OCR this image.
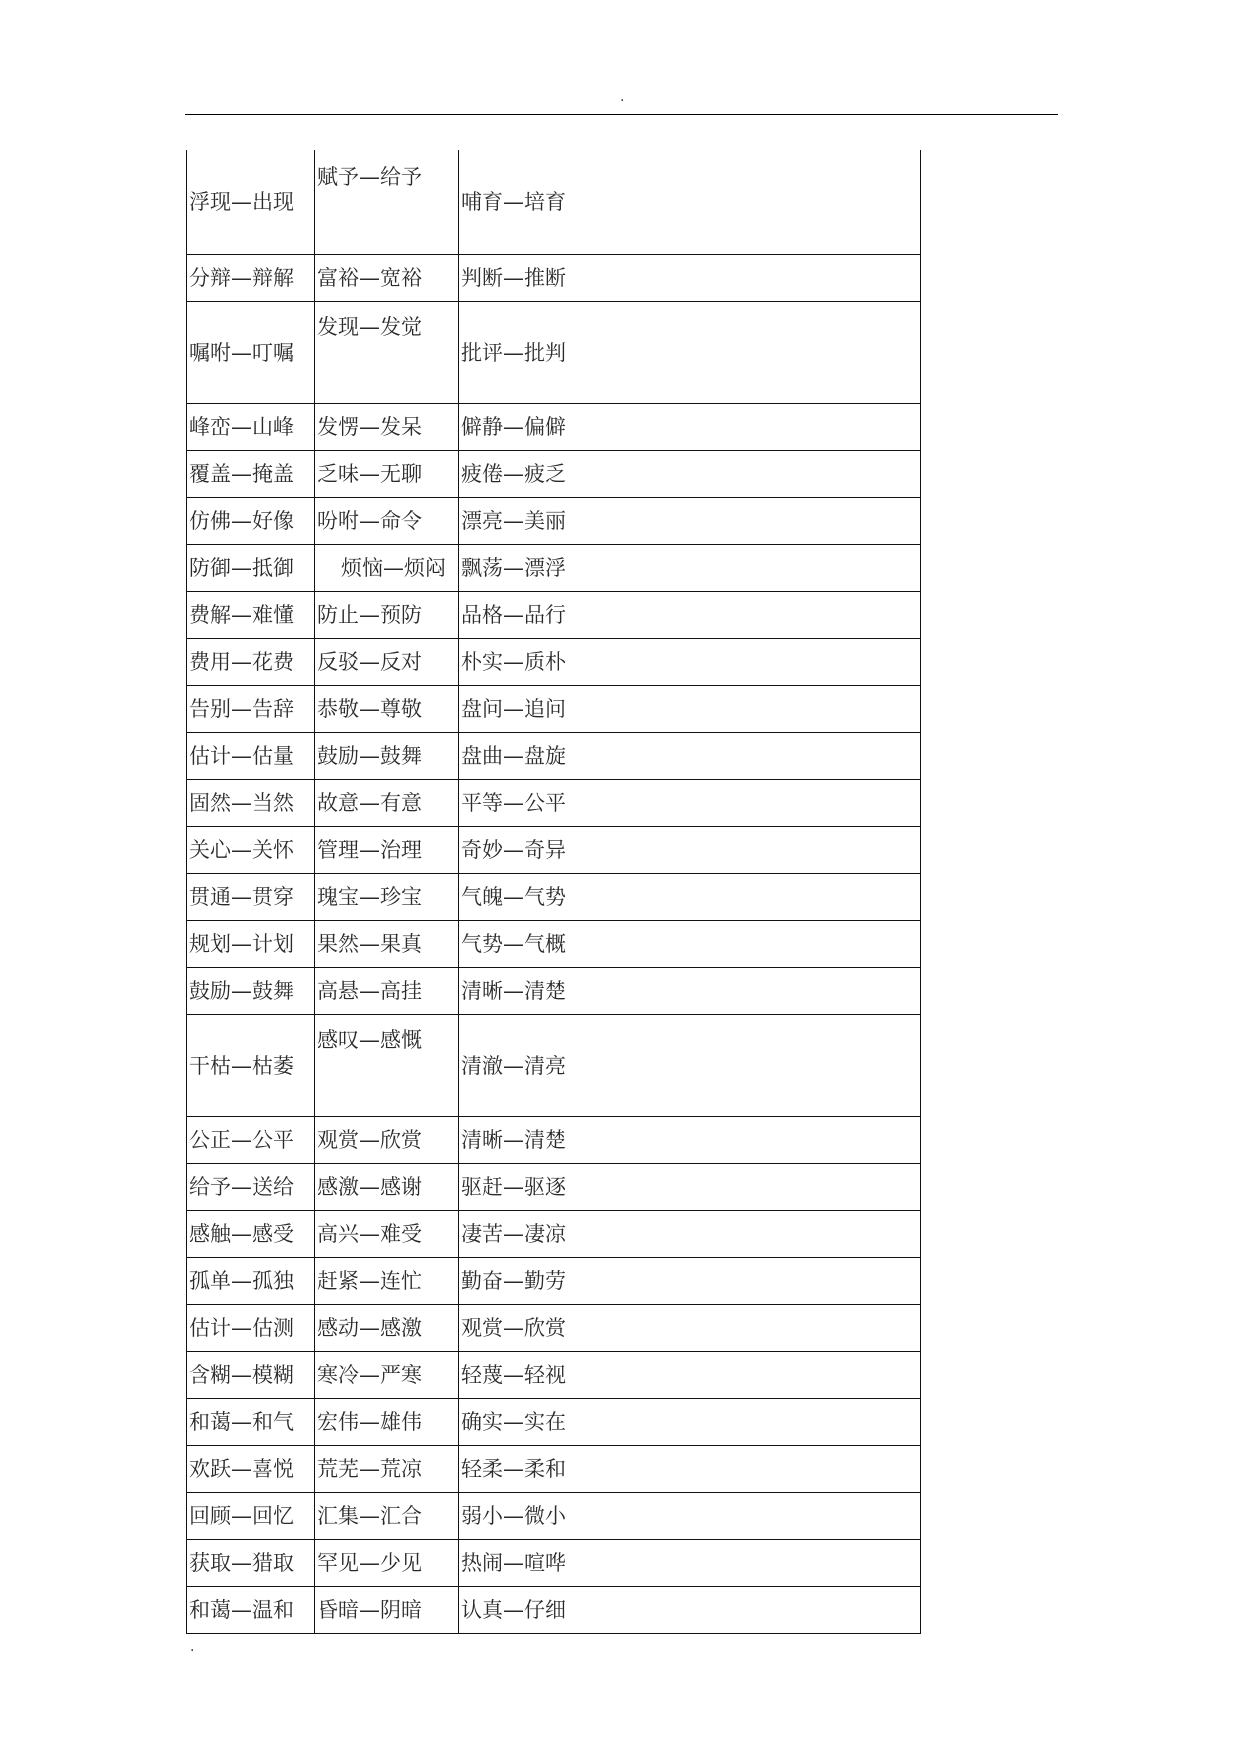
.
浮现—出现	赋予—给予	哺育—培育
分辩—辩解	富裕—宽裕	判断—推断
嘱咐—叮嘱	发现—发觉	批评—批判
峰峦—山峰	发愣—发呆	僻静—偏僻
覆盖—掩盖	乏味—无聊	疲倦—疲乏
仿佛—好像	吩咐—命令	漂亮—美丽
防御—抵御	烦恼—烦闷	飘荡—漂浮
费解—难懂	防止—预防	品格—品行
费用—花费	反驳—反对	朴实—质朴
告别—告辞	恭敬—尊敬	盘问—追问
估计—估量	鼓励—鼓舞	盘曲—盘旋
固然—当然	故意—有意	平等—公平
关心—关怀	管理—治理	奇妙—奇异
贯通—贯穿	瑰宝—珍宝	气魄—气势
规划—计划	果然—果真	气势—气概
鼓励—鼓舞	高悬—高挂	清晰—清楚
干枯—枯萎	感叹—感慨	清澈—清亮
公正—公平	观赏—欣赏	清晰—清楚
给予—送给	感激—感谢	驱赶—驱逐
感触—感受	高兴—难受	凄苦—凄凉
孤单—孤独	赶紧—连忙	勤奋—勤劳
估计—估测	感动—感激	观赏—欣赏
含糊—模糊	寒冷—严寒	轻蔑—轻视
和蔼—和气	宏伟—雄伟	确实—实在
欢跃—喜悦	荒芜—荒凉	轻柔—柔和
回顾—回忆	汇集—汇合	弱小—微小
获取—猎取	罕见—少见	热闹—喧哗
和蔼—温和	昏暗—阴暗	认真—仔细
.
